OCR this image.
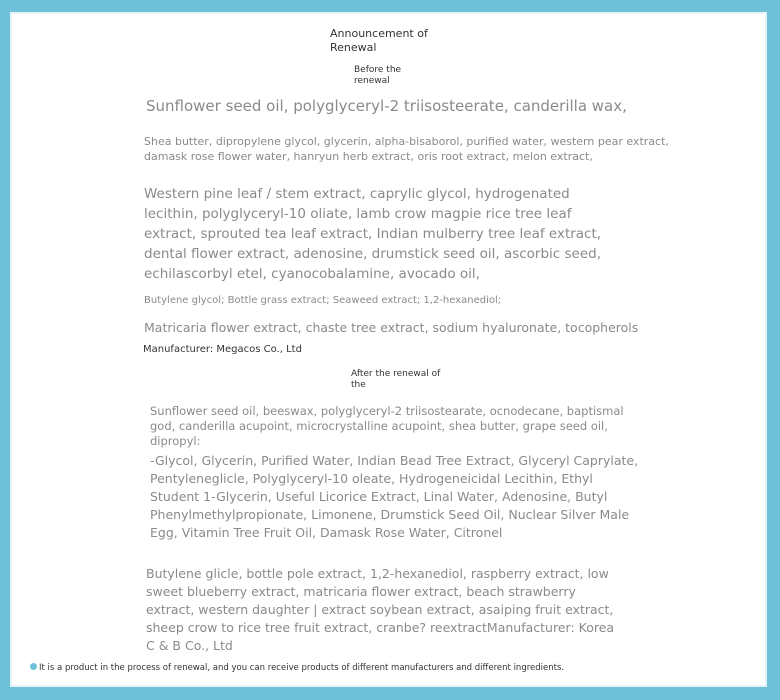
Announcement of Renewal

Before the renewal

Sunflower seed oil, polyglyceryl-2 triisosteerate, canderilla wax,

Shea butter, dipropylene glycol, glycerin, alpha-bisaborol, purified water, western pear extract, damask rose flower water, hanryun herb extract, oris root extract, melon extract,

Western pine leaf / stem extract, caprylic glycol, hydrogenated lecithin, polyglyceryl-10 oliate, lamb crow magpie rice tree leaf extract, sprouted tea leaf extract, Indian mulberry tree leaf extract, dental flower extract, adenosine, drumstick seed oil, ascorbic seed, echilascorbyl etel, cyanocobalamine, avocado oil,

Butylene glycol; Bottle grass extract; Seaweed extract; 1,2-hexanediol;

Matricaria flower extract, chaste tree extract, sodium hyaluronate, tocopherols

Manufacturer: Megacos Co., Ltd

After the renewal of the

Sunflower seed oil, beeswax, polyglyceryl-2 triisostearate, ocnodecane, baptismal god, canderilla acupoint, microcrystalline acupoint, shea butter, grape seed oil, dipropyl:

-Glycol, Glycerin, Purified Water, Indian Bead Tree Extract, Glyceryl Caprylate, Pentyleneglicle, Polyglyceryl-10 oleate, Hydrogeneicidal Lecithin, Ethyl Student 1-Glycerin, Useful Licorice Extract, Linal Water, Adenosine, Butyl Phenylmethylpropionate, Limonene, Drumstick Seed Oil, Nuclear Silver Male Egg, Vitamin Tree Fruit Oil, Damask Rose Water, Citronel

Butylene glicle, bottle pole extract, 1,2-hexanediol, raspberry extract, low sweet blueberry extract, matricaria flower extract, beach strawberry extract, western daughter | extract soybean extract, asaiping fruit extract, sheep crow to rice tree fruit extract, cranbe? reextractManufacturer: Korea C & B Co., Ltd

It is a product in the process of renewal, and you can receive products of different manufacturers and different ingredients.
